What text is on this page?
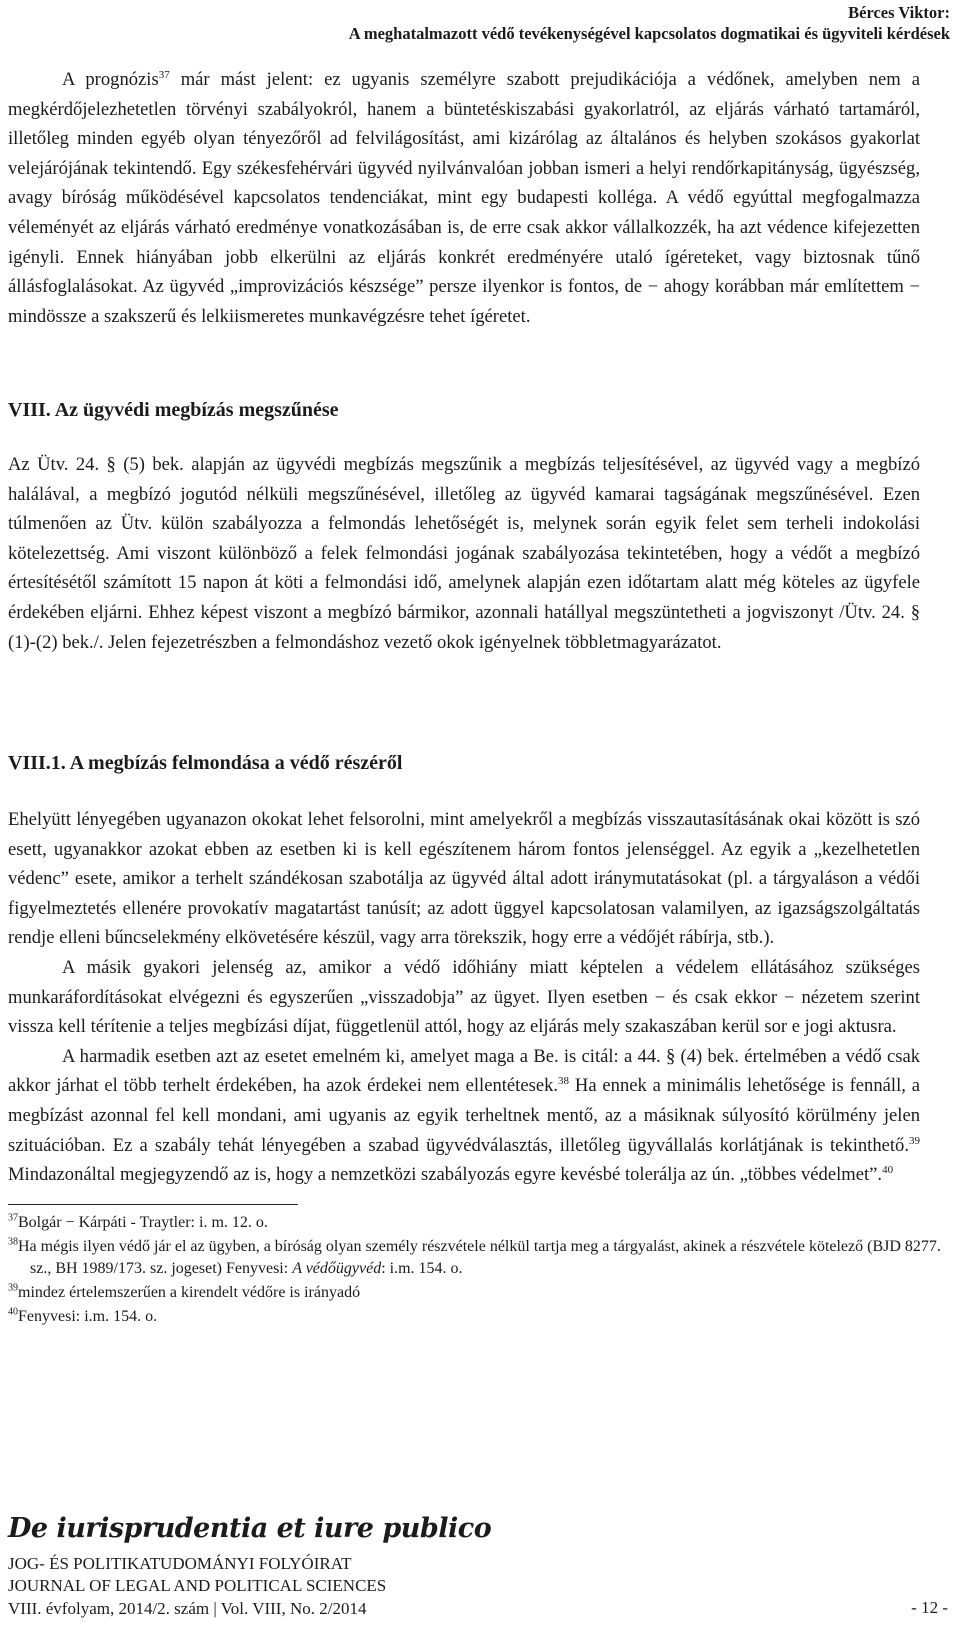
Bérces Viktor:
A meghatalmazott védő tevékenységével kapcsolatos dogmatikai és ügyviteli kérdések
A prognózis$^{37}$ már mást jelent: ez ugyanis személyre szabott prejudikációja a védőnek, amelyben nem a megkérdőjelezhetetlen törvényi szabályokról, hanem a büntetéskiszabási gyakorlatról, az eljárás várható tartamáról, illetőleg minden egyéb olyan tényezőről ad felvilágosítást, ami kizárólag az általános és helyben szokásos gyakorlat velejárójának tekintendő. Egy székesfehérvári ügyvéd nyilvánvalóan jobban ismeri a helyi rendőrkapitányság, ügyészség, avagy bíróság működésével kapcsolatos tendenciákat, mint egy budapesti kolléga. A védő egyúttal megfogalmazza véleményét az eljárás várható eredménye vonatkozásában is, de erre csak akkor vállalkozzék, ha azt védence kifejezetten igényli. Ennek hiányában jobb elkerülni az eljárás konkrét eredményére utaló ígéreteket, vagy biztosnak tűnő állásfoglalásokat. Az ügyvéd „improvizációs készsége” persze ilyenkor is fontos, de − ahogy korábban már említettem − mindössze a szakszerű és lelkiismeretes munkavégzésre tehet ígéretet.
VIII. Az ügyvédi megbízás megszűnése
Az Ütv. 24. § (5) bek. alapján az ügyvédi megbízás megszűnik a megbízás teljesítésével, az ügyvéd vagy a megbízó halálával, a megbízó jogutód nélküli megszűnésével, illetőleg az ügyvéd kamarai tagságának megszűnésével. Ezen túlmenően az Ütv. külön szabályozza a felmondás lehetőségét is, melynek során egyik felet sem terheli indokolási kötelezettség. Ami viszont különböző a felek felmondási jogának szabályozása tekintetében, hogy a védőt a megbízó értesítésétől számított 15 napon át köti a felmondási idő, amelynek alapján ezen időtartam alatt még köteles az ügyfele érdekében eljárni. Ehhez képest viszont a megbízó bármikor, azonnali hatállyal megszüntetheti a jogviszonyt /Ütv. 24. § (1)-(2) bek./. Jelen fejezetrészben a felmondáshoz vezető okok igényelnek többletmagyarázatot.
VIII.1. A megbízás felmondása a védő részéről

Ehelyütt lényegében ugyanazon okokat lehet felsorolni, mint amelyekről a megbízás visszautasításának okai között is szó esett, ugyanakkor azokat ebben az esetben ki is kell egészítenem három fontos jelenséggel. Az egyik a „kezelhetetlen védenc” esete, amikor a terhelt szándékosan szabotálja az ügyvéd által adott iránymutatásokat (pl. a tárgyaláson a védői figyelmeztetés ellenére provokatív magatartást tanúsít; az adott üggyel kapcsolatosan valamilyen, az igazságszolgáltatás rendje elleni bűncselekmény elkövetésére készül, vagy arra törekszik, hogy erre a védőjét rábírja, stb.).

A másik gyakori jelenség az, amikor a védő időhiány miatt képtelen a védelem ellátásához szükséges munkaráfordításokat elvégezni és egyszerűen „visszadobja” az ügyet. Ilyen esetben − és csak ekkor − nézetem szerint vissza kell térítenie a teljes megbízási díjat, függetlenül attól, hogy az eljárás mely szakaszában kerül sor e jogi aktusra.

A harmadik esetben azt az esetet emelném ki, amelyet maga a Be. is citál: a 44. § (4) bek. értelmében a védő csak akkor járhat el több terhelt érdekében, ha azok érdekei nem ellentétesek.$^{38}$ Ha ennek a minimális lehetősége is fennáll, a megbízást azonnal fel kell mondani, ami ugyanis az egyik terheltnek mentő, az a másiknak súlyosító körülmény jelen szituációban. Ez a szabály tehát lényegében a szabad ügyvédválasztás, illetőleg ügyvállalás korlátjának is tekinthető.$^{39}$ Mindazonáltal megjegyzendő az is, hogy a nemzetközi szabályozás egyre kevésbé tolerálja az ún. „többes védelmet”.$^{40}$

$^{37}$Bolgár − Kárpáti - Traytler: i. m. 12. o.
$^{38}$Ha mégis ilyen védő jár el az ügyben, a bíróság olyan személy részvétele nélkül tartja meg a tárgyalást, akinek a részvétele kötelező (BJD 8277. sz., BH 1989/173. sz. jogeset) Fenyvesi: A védőügyvéd: i.m. 154. o.
$^{39}$mindez értelemszerűen a kirendelt védőre is irányadó
$^{40}$Fenyvesi: i.m. 154. o.
De iurisprudentia et iure publico
JOG- ÉS POLITIKATUDOMÁNYI FOLYÓIRAT
JOURNAL OF LEGAL AND POLITICAL SCIENCES
VIII. évfolyam, 2014/2. szám | Vol. VIII, No. 2/2014	- 12 -
